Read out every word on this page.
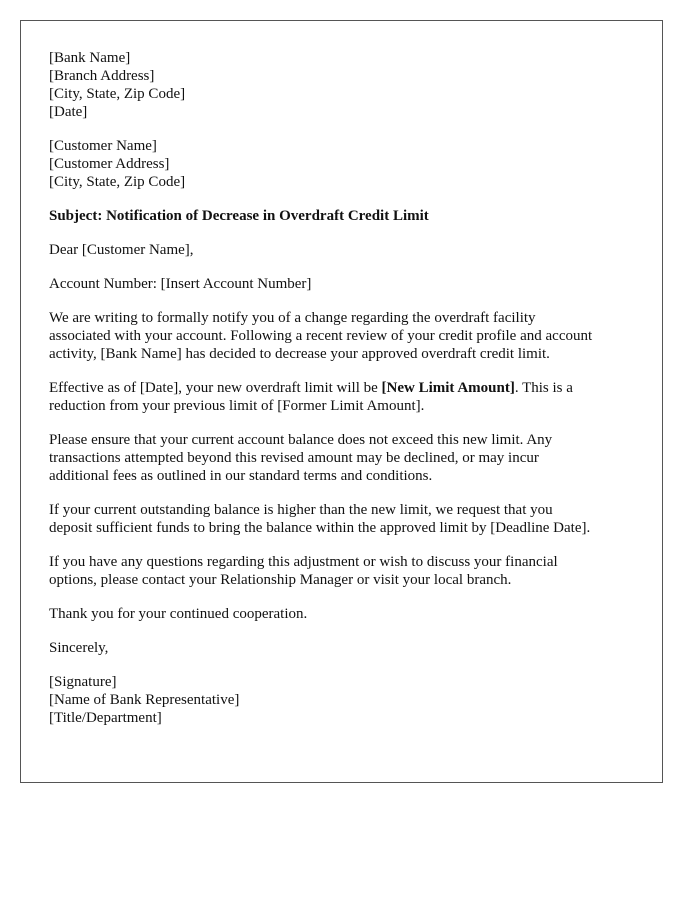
[Bank Name]
[Branch Address]
[City, State, Zip Code]
[Date]
[Customer Name]
[Customer Address]
[City, State, Zip Code]
Subject: Notification of Decrease in Overdraft Credit Limit
Dear [Customer Name],
Account Number: [Insert Account Number]
We are writing to formally notify you of a change regarding the overdraft facility
associated with your account. Following a recent review of your credit profile and account
activity, [Bank Name] has decided to decrease your approved overdraft credit limit.
Effective as of [Date], your new overdraft limit will be [New Limit Amount]. This is a
reduction from your previous limit of [Former Limit Amount].
Please ensure that your current account balance does not exceed this new limit. Any
transactions attempted beyond this revised amount may be declined, or may incur
additional fees as outlined in our standard terms and conditions.
If your current outstanding balance is higher than the new limit, we request that you
deposit sufficient funds to bring the balance within the approved limit by [Deadline Date].
If you have any questions regarding this adjustment or wish to discuss your financial
options, please contact your Relationship Manager or visit your local branch.
Thank you for your continued cooperation.
Sincerely,
[Signature]
[Name of Bank Representative]
[Title/Department]
